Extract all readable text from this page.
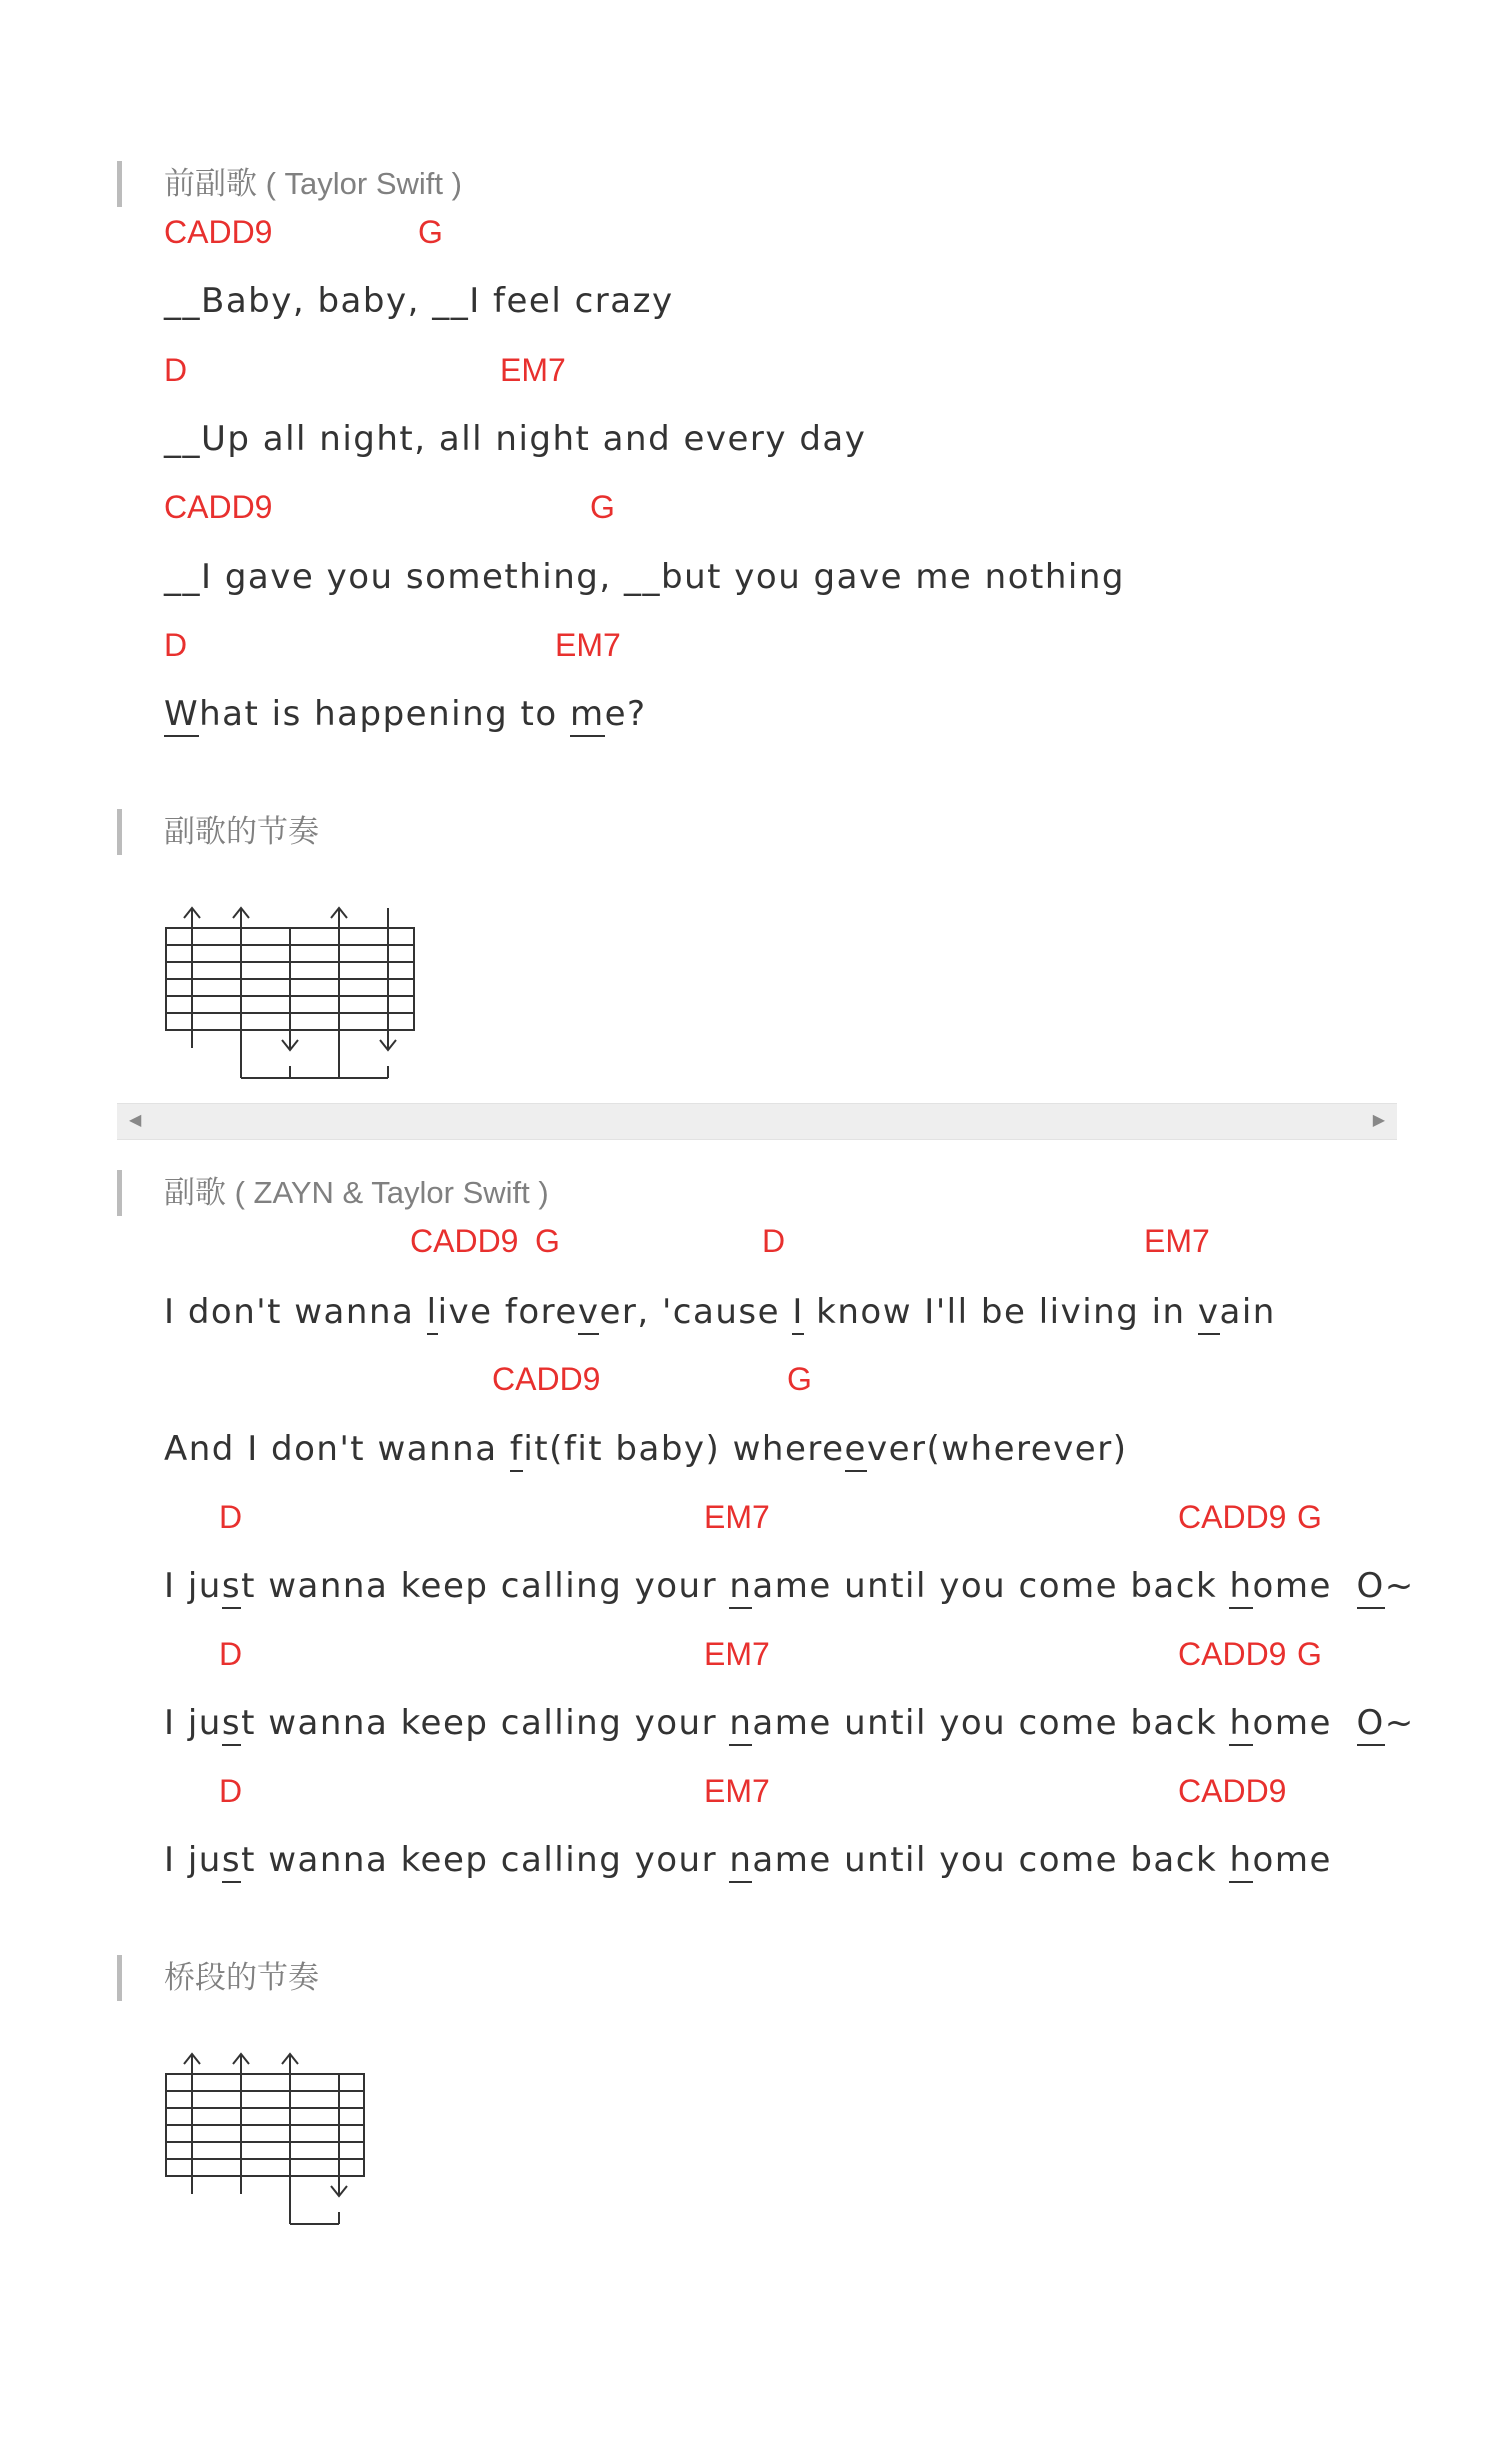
前副歌 ( Taylor Swift )
CADD9	G
__Baby, baby, __I feel crazy
D	EM7
__Up all night, all night and every day
CADD9	G
__I gave you something, __but you gave me nothing
D	EM7
What is happening to me?
副歌的节奏
◀	▶
副歌 ( ZAYN & Taylor Swift )
CADD9 G	D	EM7
I don't wanna live forever, 'cause I know I'll be living in vain
CADD9	G
And I don't wanna fit(fit baby) whereever(wherever)
D	EM7	CADD9 G
I just wanna keep calling your name until you come back home  O~
D	EM7	CADD9 G
I just wanna keep calling your name until you come back home  O~
D	EM7	CADD9
I just wanna keep calling your name until you come back home
桥段的节奏
